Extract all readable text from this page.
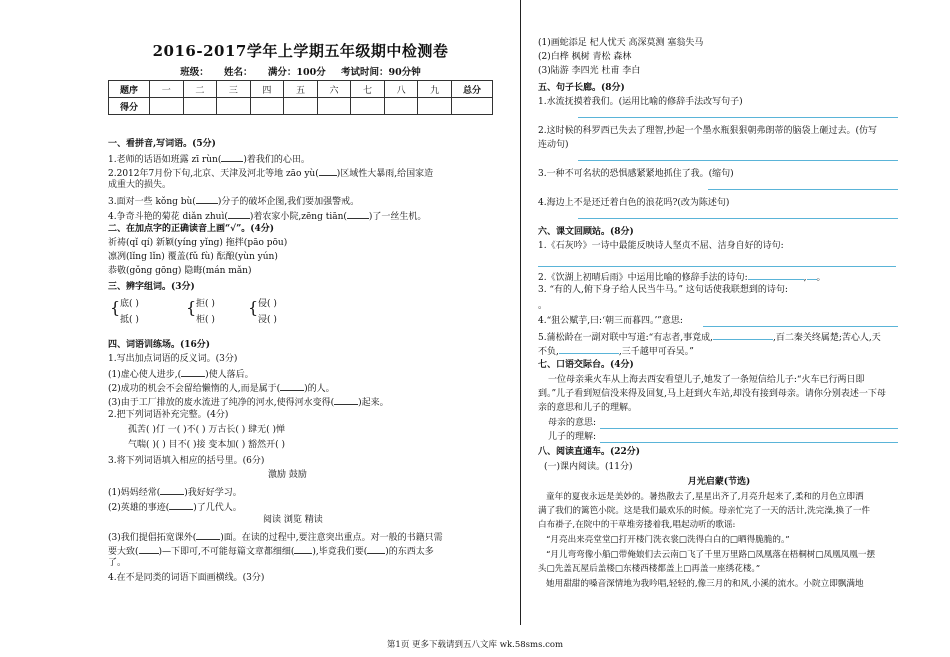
2016-2017学年上学期五年级期中检测卷
班级： 姓名： 满分：100分 考试时间：90分钟
题序	一	二	三	四	五	六	七	八	九	总分
得分										
一、看拼音,写词语。(5分)
1.老师的话语如班露 zī rùn( )着我们的心田。
2.2012年7月份下旬,北京、天津及河北等地 zāo yù( )区域性大暴雨,给国家造
成重大的损失。
3.面对一些 kǒng bù( )分子的破坏企图,我们要加强警戒。
4.争奇斗艳的菊花 diǎn zhuì( )着农家小院,zēng tiān( )了一丝生机。
二、在加点字的正确读音上画“√”。(4分)
祈祷(qǐ qí) 新颖(yíng yǐng) 拖拌(pāo pōu)
凛冽(lǐng lǐn) 覆盖(fǔ fù) 酝酿(yùn yún)
恭敬(gǒng gōng) 隐晦(mán mǎn)
三、辨字组词。(3分)
{ 底( )
抵( )
{ 拒( )
柜( )
{ 侵( )
浸( )
四、词语训练场。(16分)
1.写出加点词语的反义词。(3分)
(1)虚心使人进步,(	)使人落后。
(2)成功的机会不会留给懒惰的人,而是属于(	)的人。
(3)由于工厂排放的废水流进了纯净的河水,使得河水变得(	)起来。
2.把下列词语补充完整。(4分)
孤苦( )仃 一( )不( ) 万古长( ) 肆无( )惮
气喘( )( ) 目不( )接 变本加( ) 豁然开( )
3.将下列词语填入相应的括号里。(6分)
激励 鼓励
(1)妈妈经常(	)我好好学习。
(2)英雄的事迹(	)了几代人。
阅读 浏览 精读
(3)我们提倡拓宽课外(	)面。在读的过程中,要注意突出重点。对一般的书籍只需
要大致( )—下即可,不可能每篇文章都细细( ),毕竟我们要( )的东西太多
了。
4.在不是同类的词语下面画横线。(3分)
(1)画蛇添足 杞人忧天 高深莫测 塞翁失马
(2)白桦 枫树 青松 森林
(3)陆游 李四光 杜甫 李白
五、句子长廊。(8分)
1.水流抚摸着我们。(运用比喻的修辞手法改写句子)
2.这时候的科罗西已失去了理智,抄起一个墨水瓶狠狠朝弗朗蒂的脑袋上砸过去。(仿写
连动句)
3.一种不可名状的恐惧感紧紧地抓住了我。(缩句)
4.海边上不是还迁着白色的浪花吗?(改为陈述句)
六、课文回顾站。(8分)
1.《石灰吟》一诗中最能反映诗人坚贞不屈、洁身自好的诗句:
2.《饮湖上初晴后雨》中运用比喻的修辞手法的诗句:	, 。
3. “有的人,俯下身子给人民当牛马。” 这句话使我联想到的诗句:
。
4.“狙公赋芋,曰:‘朝三而暮四。’”意思:
5.蒲松龄在一副对联中写道:“有志者,事竟成,	,百二秦关终属楚;苦心人,天
不负,	,三千越甲可吞吴。”
七、口语交际台。(4分)
一位母亲乘火车从上海去西安看望儿子,她发了一条短信给儿子:“火车已行两日即
到。”儿子看到短信没来得及回复,马上赶到火车站,却没有接到母亲。请你分别表述一下母
亲的意思和儿子的理解。
母亲的意思:
儿子的理解:
八、阅读直通车。(22分)
(一)课内阅读。(11分)
月光启蒙(节选)
童年的夏夜永远是美妙的。暑热散去了,星星出齐了,月亮升起来了,柔和的月色立即洒
满了我们的篱笆小院。这是我们最欢乐的时候。母亲忙完了一天的活计,洗完澡,换了一件
白布褂子,在院中的干草堆旁搂着我,唱起动听的歌谣:
“月亮出来亮堂堂□打开楼门洗衣裳□洗得白白的□晒得脆脆的。”
“月儿弯弯像小船□带俺娘们去云南□飞了千里万里路□凤凰落在梧桐树□凤凰凤凰一摆
头□先盖瓦屋后盖楼□东楼西楼都盖上□再盖一座绣花楼。”
她用甜甜的嗓音深情地为我吟唱,轻轻的,像三月的和风,小溪的流水。小院立即飘满地
第1页 更多下载请到五八文库 wk.58sms.com
